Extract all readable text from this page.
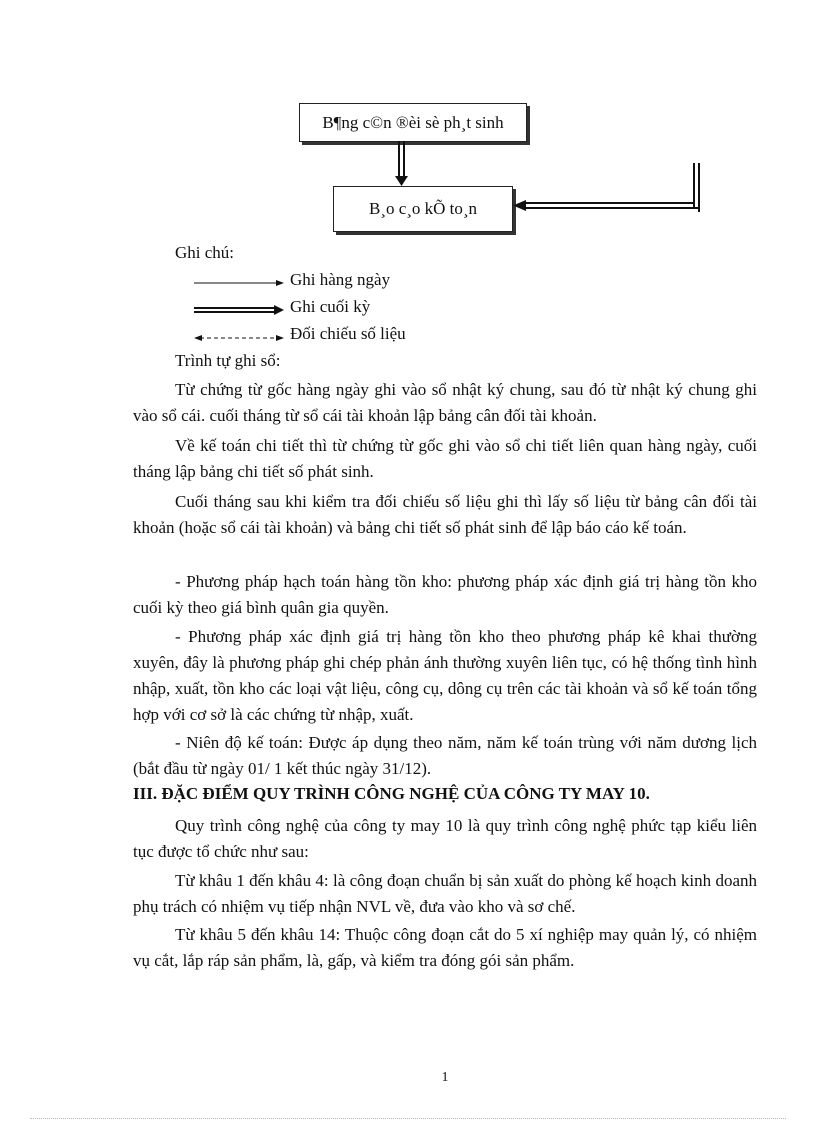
B¶ng c©n ®èi sè ph¸t sinh
B¸o c¸o kÕ to¸n
Ghi chú:
Ghi hàng ngày
Ghi cuối kỳ
Đối chiếu số liệu
Trình tự ghi sổ:
Từ chứng từ gốc hàng ngày ghi vào sổ nhật ký chung, sau đó từ nhật ký chung ghi vào sổ cái. cuối tháng từ sổ cái tài khoản lập bảng cân đối tài khoản.
Về kế toán chi tiết thì từ chứng từ gốc ghi vào sổ chi tiết liên quan hàng ngày, cuối tháng lập bảng chi tiết số phát sinh.
Cuối tháng sau khi kiểm tra đối chiếu số liệu ghi thì lấy số liệu từ bảng cân đối tài khoản (hoặc sổ cái tài khoản) và bảng chi tiết số phát sinh để lập báo cáo kế toán.
- Phương pháp hạch toán hàng tồn kho: phương pháp xác định giá trị hàng tồn kho cuối kỳ theo giá bình quân gia quyền.
- Phương pháp xác định giá trị hàng tồn kho theo phương pháp kê khai thường xuyên, đây là phương pháp ghi chép phản ánh thường xuyên liên tục, có hệ thống tình hình nhập, xuất, tồn kho các loại vật liệu, công cụ, dông cụ trên các tài khoản và sổ kế toán tổng hợp với cơ sở là các chứng từ nhập, xuất.
- Niên độ kế toán: Được áp dụng theo năm, năm kế toán trùng với năm dương lịch (bắt đầu từ ngày 01/ 1 kết thúc ngày 31/12).
III. ĐẶC ĐIỂM QUY TRÌNH CÔNG NGHỆ CỦA CÔNG TY MAY 10.
Quy trình công nghệ của công ty may 10 là quy trình công nghệ phức tạp kiểu liên tục được tổ chức như sau:
Từ khâu 1 đến khâu 4: là công đoạn chuẩn bị sản xuất do phòng kế hoạch kinh doanh phụ trách có nhiệm vụ tiếp nhận NVL về, đưa vào kho và sơ chế.
Từ khâu 5 đến khâu 14: Thuộc công đoạn cắt do 5 xí nghiệp may quản lý, có nhiệm vụ cắt, lắp ráp sản phẩm, là, gấp, và kiểm tra đóng gói sản phẩm.
1
